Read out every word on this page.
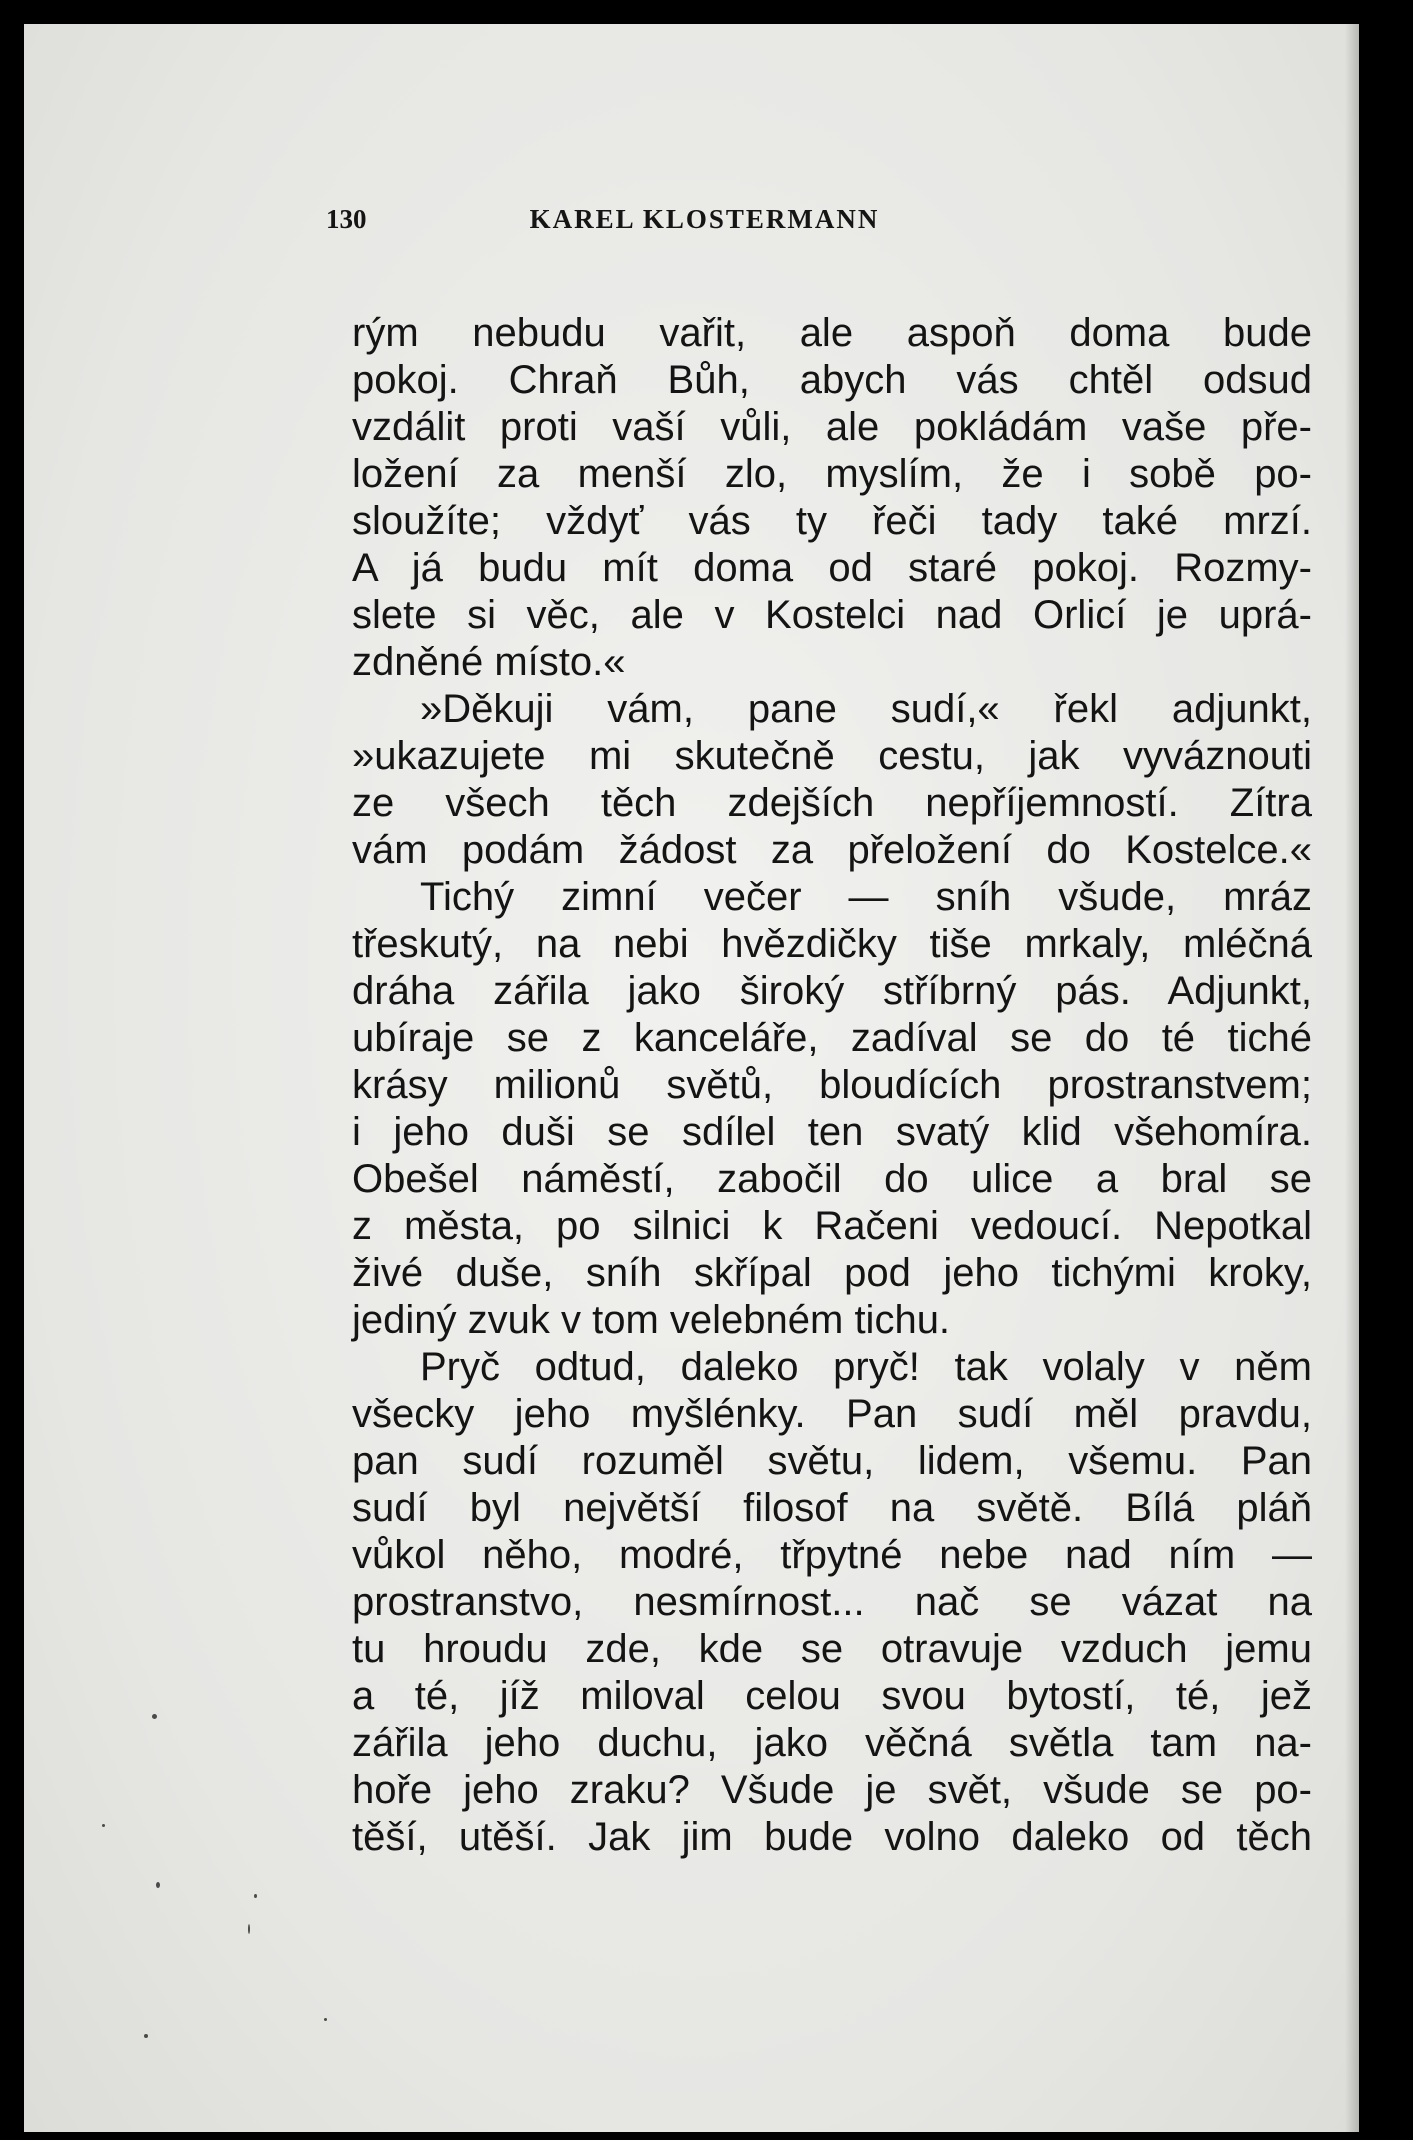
130	KAREL KLOSTERMANN
rým nebudu vařit, ale aspoň doma bude
pokoj. Chraň Bůh, abych vás chtěl odsud
vzdálit proti vaší vůli, ale pokládám vaše pře-
ložení za menší zlo, myslím, že i sobě po-
sloužíte; vždyť vás ty řeči tady také mrzí.
A já budu mít doma od staré pokoj. Rozmy-
slete si věc, ale v Kostelci nad Orlicí je uprá-
zdněné místo.«
»Děkuji vám, pane sudí,« řekl adjunkt,
»ukazujete mi skutečně cestu, jak vyváznouti
ze všech těch zdejších nepříjemností. Zítra
vám podám žádost za přeložení do Kostelce.«
Tichý zimní večer — sníh všude, mráz
třeskutý, na nebi hvězdičky tiše mrkaly, mléčná
dráha zářila jako široký stříbrný pás. Adjunkt,
ubíraje se z kanceláře, zadíval se do té tiché
krásy milionů světů, bloudících prostranstvem;
i jeho duši se sdílel ten svatý klid všehomíra.
Obešel náměstí, zabočil do ulice a bral se
z města, po silnici k Račeni vedoucí. Nepotkal
živé duše, sníh skřípal pod jeho tichými kroky,
jediný zvuk v tom velebném tichu.
Pryč odtud, daleko pryč! tak volaly v něm
všecky jeho myšlénky. Pan sudí měl pravdu,
pan sudí rozuměl světu, lidem, všemu. Pan
sudí byl největší filosof na světě. Bílá pláň
vůkol něho, modré, třpytné nebe nad ním —
prostranstvo, nesmírnost... nač se vázat na
tu hroudu zde, kde se otravuje vzduch jemu
a té, jíž miloval celou svou bytostí, té, jež
zářila jeho duchu, jako věčná světla tam na-
hoře jeho zraku? Všude je svět, všude se po-
těší, utěší. Jak jim bude volno daleko od těch
